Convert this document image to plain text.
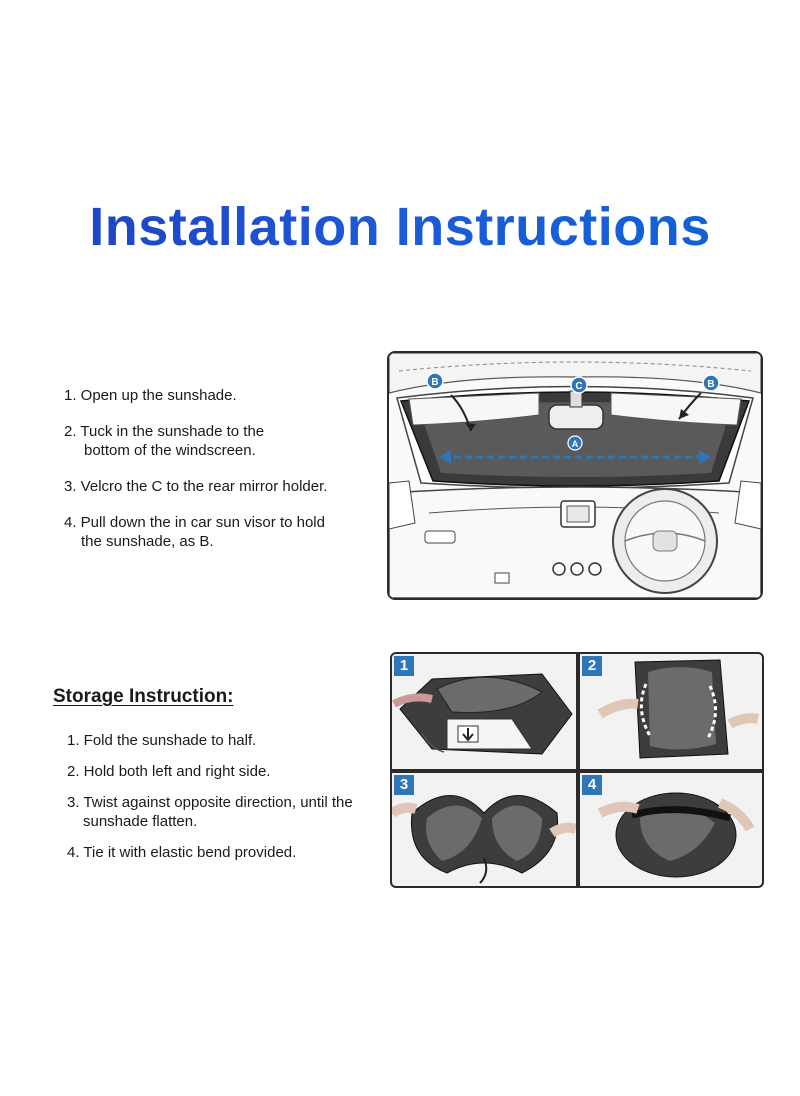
Installation Instructions
1. Open up the sunshade.
2. Tuck in the sunshade to the
bottom of the windscreen.
3. Velcro the C to the rear mirror holder.
4. Pull down the in car sun visor to hold
the sunshade, as B.
B	C	B
A
Storage Instruction:
1. Fold the sunshade to half.
2. Hold both left and right side.
3. Twist against opposite direction, until the
sunshade flatten.
4. Tie it with elastic bend provided.
1	2
3	4
